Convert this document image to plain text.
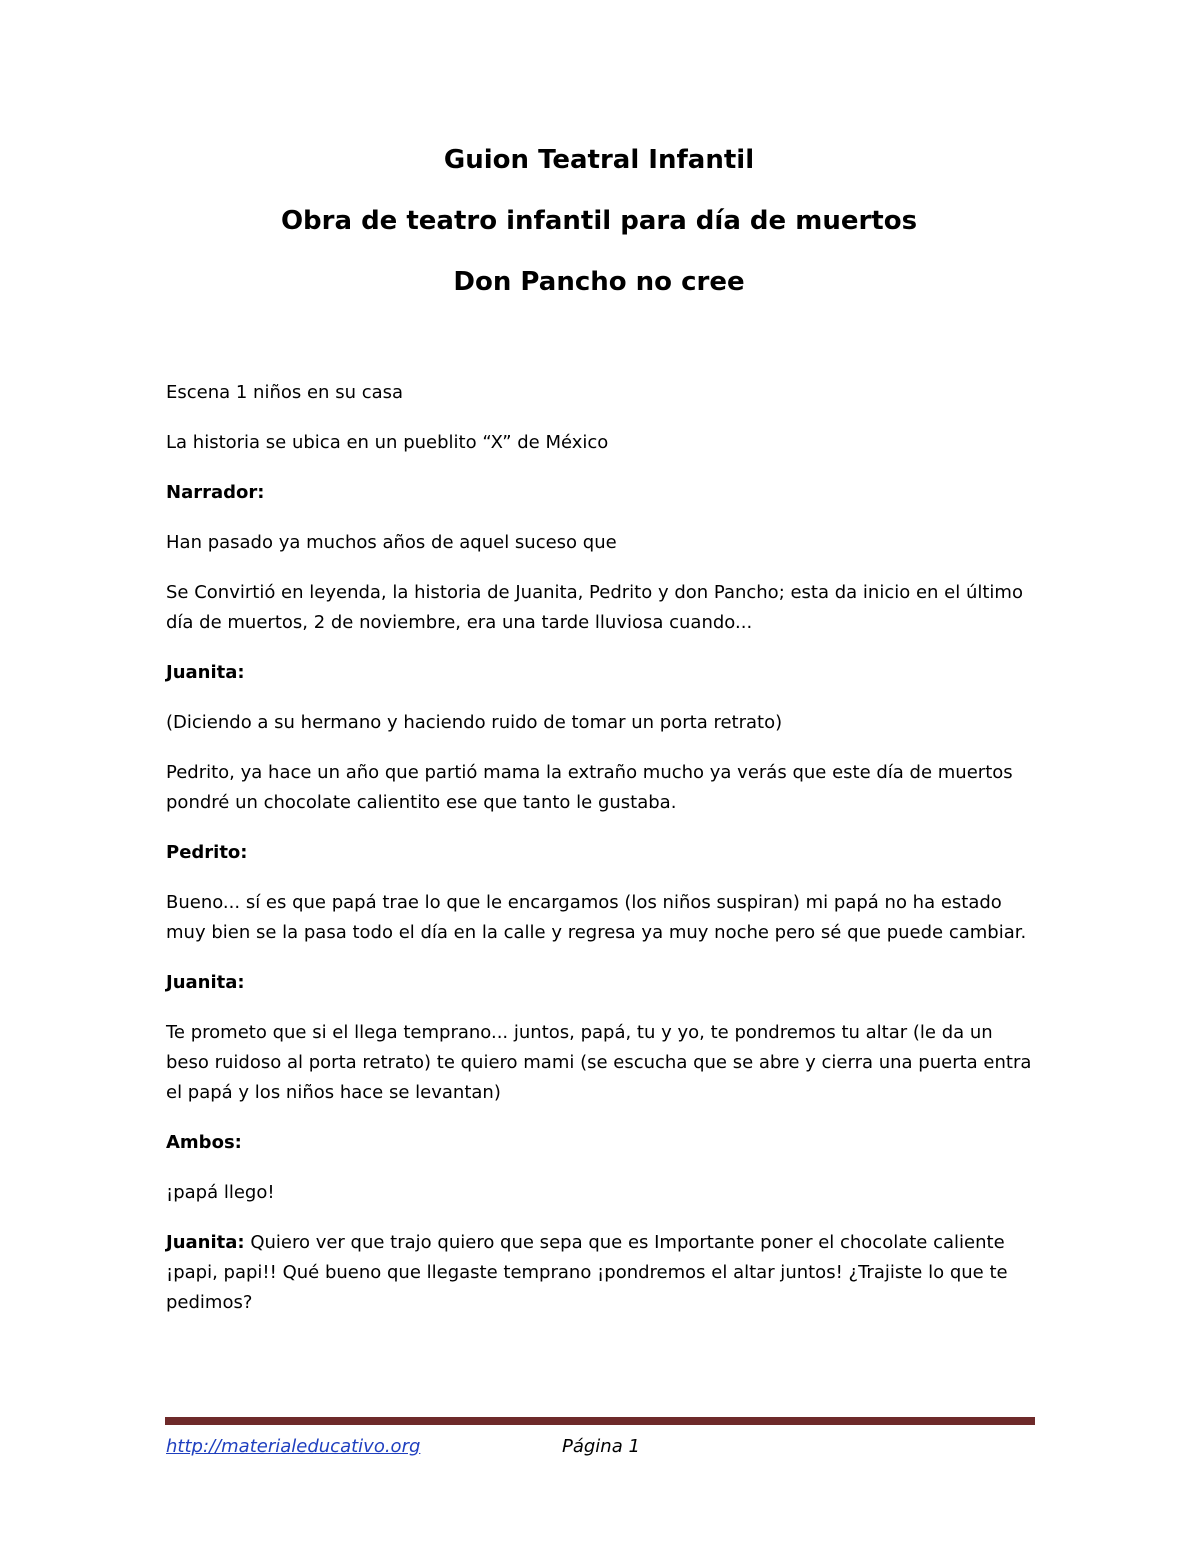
Guion Teatral Infantil
Obra de teatro infantil para día de muertos
Don Pancho no cree
Escena 1 niños en su casa
La historia se ubica en un pueblito “X” de México
Narrador:
Han pasado ya muchos años de aquel suceso que
Se Convirtió en leyenda, la historia de Juanita, Pedrito y don Pancho; esta da inicio en el último día de muertos, 2 de noviembre, era una tarde lluviosa cuando...
Juanita:
(Diciendo a su hermano y haciendo ruido de tomar un porta retrato)
Pedrito, ya hace un año que partió mama la extraño mucho ya verás que este día de muertos pondré un chocolate calientito ese que tanto le gustaba.
Pedrito:
Bueno... sí es que papá trae lo que le encargamos (los niños suspiran) mi papá no ha estado muy bien se la pasa todo el día en la calle y regresa ya muy noche pero sé que puede cambiar.
Juanita:
Te prometo que si el llega temprano... juntos, papá, tu y yo, te pondremos tu altar (le da un beso ruidoso al porta retrato) te quiero mami (se escucha que se abre y cierra una puerta entra el papá y los niños hace se levantan)
Ambos:
¡papá llego!
Juanita: Quiero ver que trajo quiero que sepa que es Importante poner el chocolate caliente ¡papi, papi!! Qué bueno que llegaste temprano ¡pondremos el altar juntos! ¿Trajiste lo que te pedimos?
http://materialeducativo.org	Página 1
